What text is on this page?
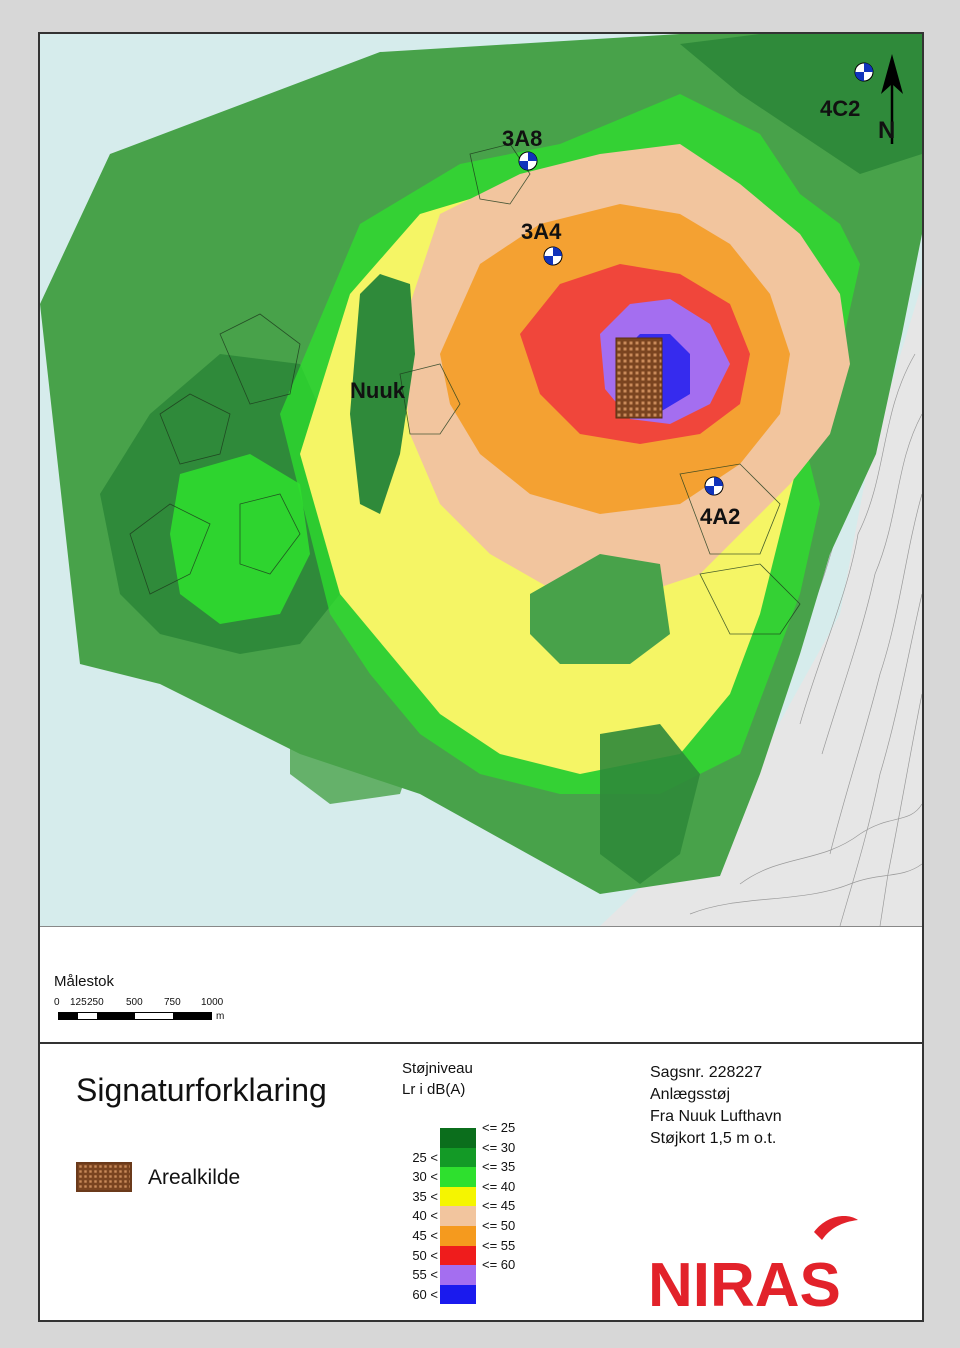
3A8
3A4
4A2
4C2
Nuuk
N
Målestok
0 125 250 500 750 1000
m
Signaturforklaring
Arealkilde
Støjniveau
Lr i dB(A)
<= 25
25 <
<= 30
30 <
<= 35
35 <
<= 40
40 <
<= 45
45 <
<= 50
50 <
<= 55
55 <
<= 60
60 <
Sagsnr. 228227
Anlægsstøj
Fra Nuuk Lufthavn
Støjkort 1,5 m o.t.
NIRAS
